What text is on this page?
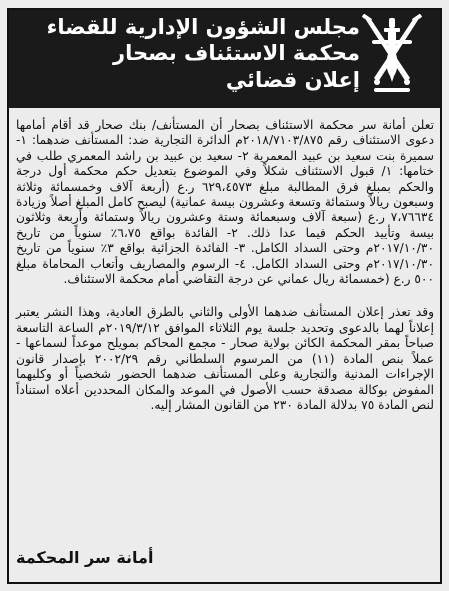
مجلس الشؤون الإدارية للقضاء
محكمة الاستئناف بصحار
إعلان قضائي

تعلن أمانة سر محكمة الاستئناف بصحار أن المستأنف/ بنك صحار قد أقام أمامها دعوى الاستئناف رقم ٢٠١٨/٧١٠٣/٨٧٥م الدائرة التجارية ضد: المستأنف ضدهما: ١- سميرة بنت سعيد بن عبيد المعمرية ٢- سعيد بن عبيد بن راشد المعمري طلب في ختامها: ١/ قبول الاستئناف شكلاً وفي الموضوع بتعديل حكم محكمة أول درجة والحكم بمبلغ فرق المطالبة مبلغ ٦٢٩،٤٥٧٣ ر.ع (أربعة آلاف وخمسمائة وثلاثة وسبعون ريالاً وستمائة وتسعة وعشرون بيسة عمانية) ليصبح كامل المبلغ أصلاً وزيادة ٧،٧٦٦٣٤ ر.ع (سبعة آلاف وسبعمائة وستة وعشرون ريالاً وستمائة وأربعة وثلاثون بيسة وتأييد الحكم فيما عدا ذلك. ٢- الفائدة بواقع ٦،٧٥٪ سنوياً من تاريخ ٢٠١٧/١٠/٣٠م وحتى السداد الكامل. ٣- الفائدة الجزائية بواقع ٣٪ سنوياً من تاريخ ٢٠١٧/١٠/٣٠م وحتى السداد الكامل. ٤- الرسوم والمصاريف وأتعاب المحاماة مبلغ ٥٠٠ ر.ع (خمسمائة ريال عماني عن درجة التقاضي أمام محكمة الاستئناف.

وقد تعذر إعلان المستأنف ضدهما الأولى والثاني بالطرق العادية، وهذا النشر يعتبر إعلاناً لهما بالدعوى وتحديد جلسة يوم الثلاثاء الموافق ٢٠١٩/٣/١٢م الساعة التاسعة صباحاً بمقر المحكمة الكائن بولاية صحار - مجمع المحاكم بمويلح موعداً لسماعها - عملاً بنص المادة (١١) من المرسوم السلطاني رقم ٢٠٠٢/٢٩ بإصدار قانون الإجراءات المدنية والتجارية وعلى المستأنف ضدهما الحضور شخصياً أو وكليهما المفوض بوكالة مصدقة حسب الأصول في الموعد والمكان المحددين أعلاه استناداً لنص المادة ٧٥ بدلالة المادة ٢٣٠ من القانون المشار إليه.

أمانة سر المحكمة
